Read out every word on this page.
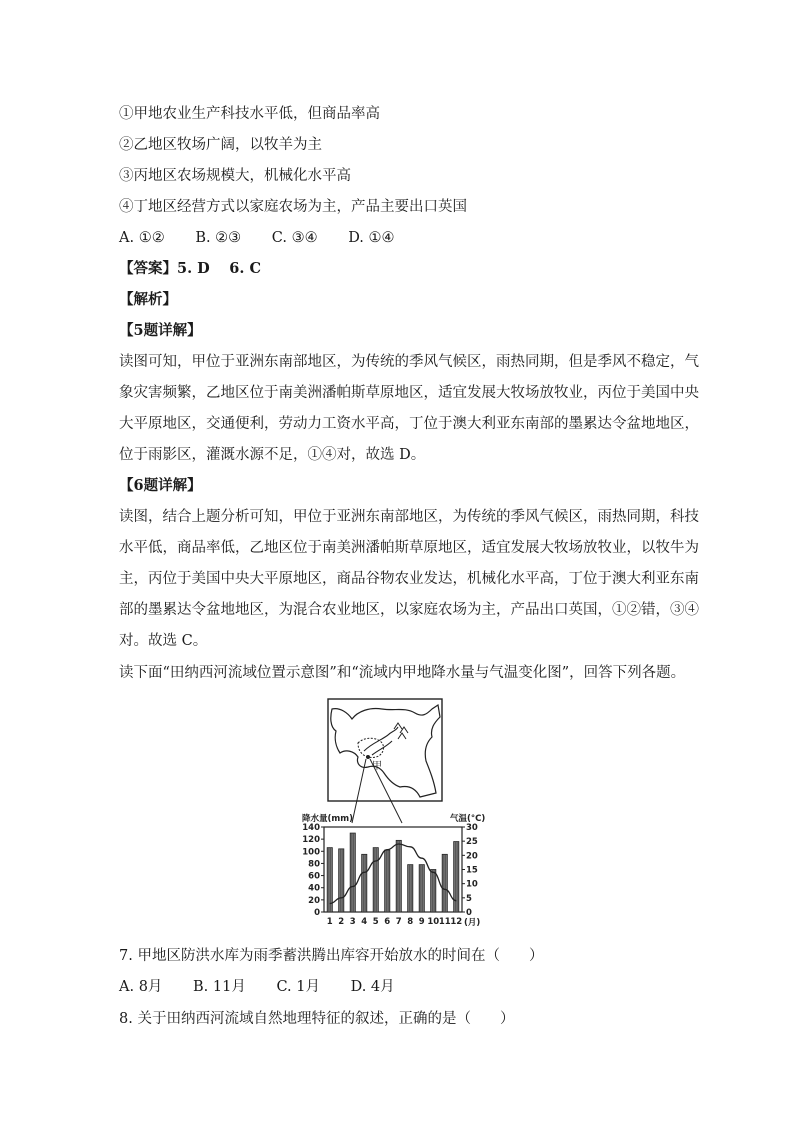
①甲地农业生产科技水平低，但商品率高
②乙地区牧场广阔，以牧羊为主
③丙地区农场规模大，机械化水平高
④丁地区经营方式以家庭农场为主，产品主要出口英国
A. ①② B. ②③ C. ③④ D. ①④
【答案】5. D　 6. C
【解析】
【5题详解】
读图可知，甲位于亚洲东南部地区，为传统的季风气候区，雨热同期，但是季风不稳定，气
象灾害频繁，乙地区位于南美洲潘帕斯草原地区，适宜发展大牧场放牧业，丙位于美国中央
大平原地区，交通便利，劳动力工资水平高，丁位于澳大利亚东南部的墨累达令盆地地区，
位于雨影区，灌溉水源不足，①④对，故选 D。
【6题详解】
读图，结合上题分析可知，甲位于亚洲东南部地区，为传统的季风气候区，雨热同期，科技
水平低，商品率低，乙地区位于南美洲潘帕斯草原地区，适宜发展大牧场放牧业，以牧牛为
主，丙位于美国中央大平原地区，商品谷物农业发达，机械化水平高，丁位于澳大利亚东南
部的墨累达令盆地地区，为混合农业地区，以家庭农场为主，产品出口英国，①②错，③④
对。故选 C。
读下面“田纳西河流域位置示意图”和“流域内甲地降水量与气温变化图”，回答下列各题。
甲
降水量(mm)	气温(°C)
0
20
40
60
80
100
120
140
0
5
10
15
20
25
30
1 2 3 4 5 6 7 8 9 10 11 12 (月)
7. 甲地区防洪水库为雨季蓄洪腾出库容开始放水的时间在（　　）
A. 8月 B. 11月 C. 1月 D. 4月
8. 关于田纳西河流域自然地理特征的叙述，正确的是（　　）
